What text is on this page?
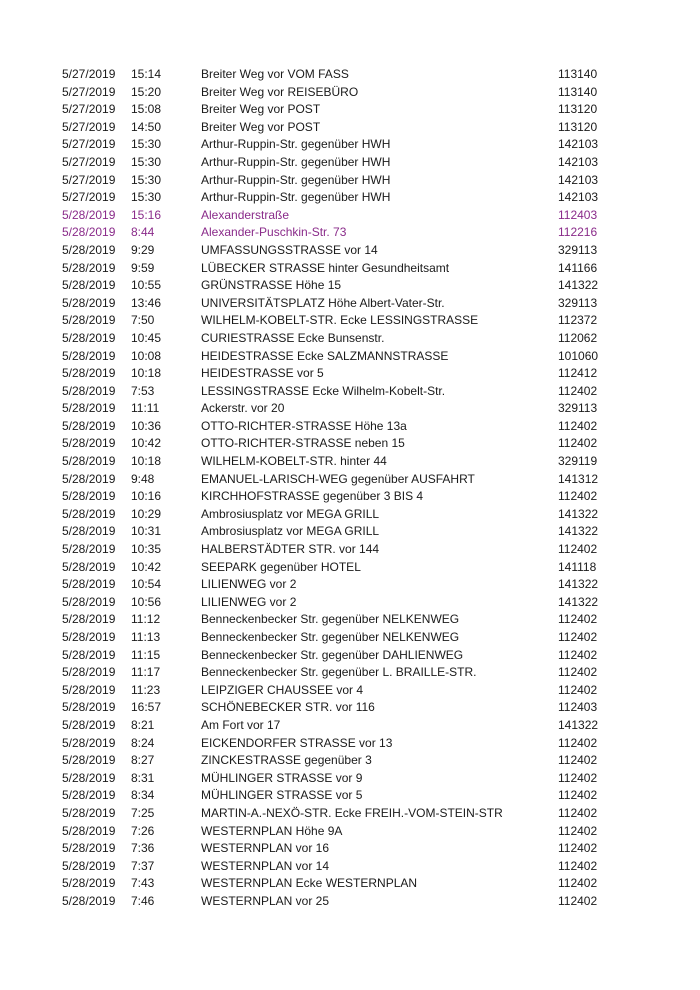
5/27/2019 15:14	Breiter Weg vor VOM FASS	113140
5/27/2019 15:20	Breiter Weg vor REISEBÜRO	113140
5/27/2019 15:08	Breiter Weg vor POST	113120
5/27/2019 14:50	Breiter Weg vor POST	113120
5/27/2019 15:30	Arthur-Ruppin-Str. gegenüber HWH	142103
5/27/2019 15:30	Arthur-Ruppin-Str. gegenüber HWH	142103
5/27/2019 15:30	Arthur-Ruppin-Str. gegenüber HWH	142103
5/27/2019 15:30	Arthur-Ruppin-Str. gegenüber HWH	142103
5/28/2019 15:16	Alexanderstraße	112403
5/28/2019 8:44	Alexander-Puschkin-Str. 73	112216
5/28/2019 9:29	UMFASSUNGSSTRASSE vor 14	329113
5/28/2019 9:59	LÜBECKER STRASSE hinter Gesundheitsamt	141166
5/28/2019 10:55	GRÜNSTRASSE Höhe 15	141322
5/28/2019 13:46	UNIVERSITÄTSPLATZ Höhe Albert-Vater-Str.	329113
5/28/2019 7:50	WILHELM-KOBELT-STR. Ecke LESSINGSTRASSE	112372
5/28/2019 10:45	CURIESTRASSE Ecke Bunsenstr.	112062
5/28/2019 10:08	HEIDESTRASSE Ecke SALZMANNSTRASSE	101060
5/28/2019 10:18	HEIDESTRASSE vor 5	112412
5/28/2019 7:53	LESSINGSTRASSE Ecke Wilhelm-Kobelt-Str.	112402
5/28/2019 11:11	Ackerstr. vor 20	329113
5/28/2019 10:36	OTTO-RICHTER-STRASSE Höhe 13a	112402
5/28/2019 10:42	OTTO-RICHTER-STRASSE neben 15	112402
5/28/2019 10:18	WILHELM-KOBELT-STR. hinter 44	329119
5/28/2019 9:48	EMANUEL-LARISCH-WEG gegenüber AUSFAHRT	141312
5/28/2019 10:16	KIRCHHOFSTRASSE gegenüber 3 BIS 4	112402
5/28/2019 10:29	Ambrosiusplatz vor MEGA GRILL	141322
5/28/2019 10:31	Ambrosiusplatz vor MEGA GRILL	141322
5/28/2019 10:35	HALBERSTÄDTER STR. vor 144	112402
5/28/2019 10:42	SEEPARK gegenüber HOTEL	141118
5/28/2019 10:54	LILIENWEG vor 2	141322
5/28/2019 10:56	LILIENWEG vor 2	141322
5/28/2019 11:12	Benneckenbecker Str. gegenüber NELKENWEG	112402
5/28/2019 11:13	Benneckenbecker Str. gegenüber NELKENWEG	112402
5/28/2019 11:15	Benneckenbecker Str. gegenüber DAHLIENWEG	112402
5/28/2019 11:17	Benneckenbecker Str. gegenüber L. BRAILLE-STR.	112402
5/28/2019 11:23	LEIPZIGER CHAUSSEE vor 4	112402
5/28/2019 16:57	SCHÖNEBECKER STR. vor 116	112403
5/28/2019 8:21	Am Fort vor 17	141322
5/28/2019 8:24	EICKENDORFER STRASSE vor 13	112402
5/28/2019 8:27	ZINCKESTRASSE gegenüber 3	112402
5/28/2019 8:31	MÜHLINGER STRASSE vor 9	112402
5/28/2019 8:34	MÜHLINGER STRASSE vor 5	112402
5/28/2019 7:25	MARTIN-A.-NEXÖ-STR. Ecke FREIH.-VOM-STEIN-STR	112402
5/28/2019 7:26	WESTERNPLAN Höhe 9A	112402
5/28/2019 7:36	WESTERNPLAN vor 16	112402
5/28/2019 7:37	WESTERNPLAN vor 14	112402
5/28/2019 7:43	WESTERNPLAN Ecke WESTERNPLAN	112402
5/28/2019 7:46	WESTERNPLAN vor 25	112402
